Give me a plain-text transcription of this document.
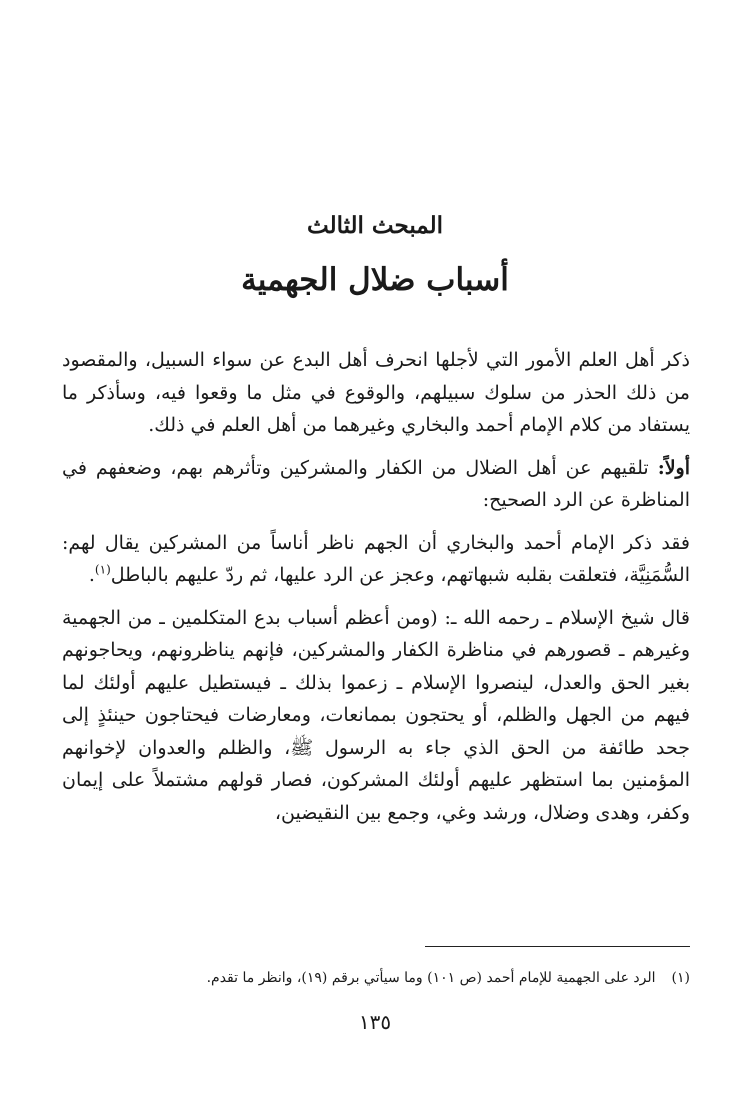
المبحث الثالث
أسباب ضلال الجهمية

ذكر أهل العلم الأمور التي لأجلها انحرف أهل البدع عن سواء السبيل، والمقصود من ذلك الحذر من سلوك سبيلهم، والوقوع في مثل ما وقعوا فيه، وسأذكر ما يستفاد من كلام الإمام أحمد والبخاري وغيرهما من أهل العلم في ذلك.

أولاً: تلقيهم عن أهل الضلال من الكفار والمشركين وتأثرهم بهم، وضعفهم في المناظرة عن الرد الصحيح:

فقد ذكر الإمام أحمد والبخاري أن الجهم ناظر أناساً من المشركين يقال لهم: السُّمَنِيَّة، فتعلقت بقلبه شبهاتهم، وعجز عن الرد عليها، ثم ردّ عليهم بالباطل$^{(١)}$.

قال شيخ الإسلام ـ رحمه الله ـ: (ومن أعظم أسباب بدع المتكلمين ـ من الجهمية وغيرهم ـ قصورهم في مناظرة الكفار والمشركين، فإنهم يناظرونهم، ويحاجونهم بغير الحق والعدل، لينصروا الإسلام ـ زعموا بذلك ـ فيستطيل عليهم أولئك لما فيهم من الجهل والظلم، أو يحتجون بممانعات، ومعارضات فيحتاجون حينئذٍ إلى جحد طائفة من الحق الذي جاء به الرسول ﷺ، والظلم والعدوان لإخوانهم المؤمنين بما استظهر عليهم أولئك المشركون، فصار قولهم مشتملاً على إيمان وكفر، وهدى وضلال، ورشد وغي، وجمع بين النقيضين،

(١)الرد على الجهمية للإمام أحمد (ص ١٠١) وما سيأتي برقم (١٩)، وانظر ما تقدم.
١٣٥
